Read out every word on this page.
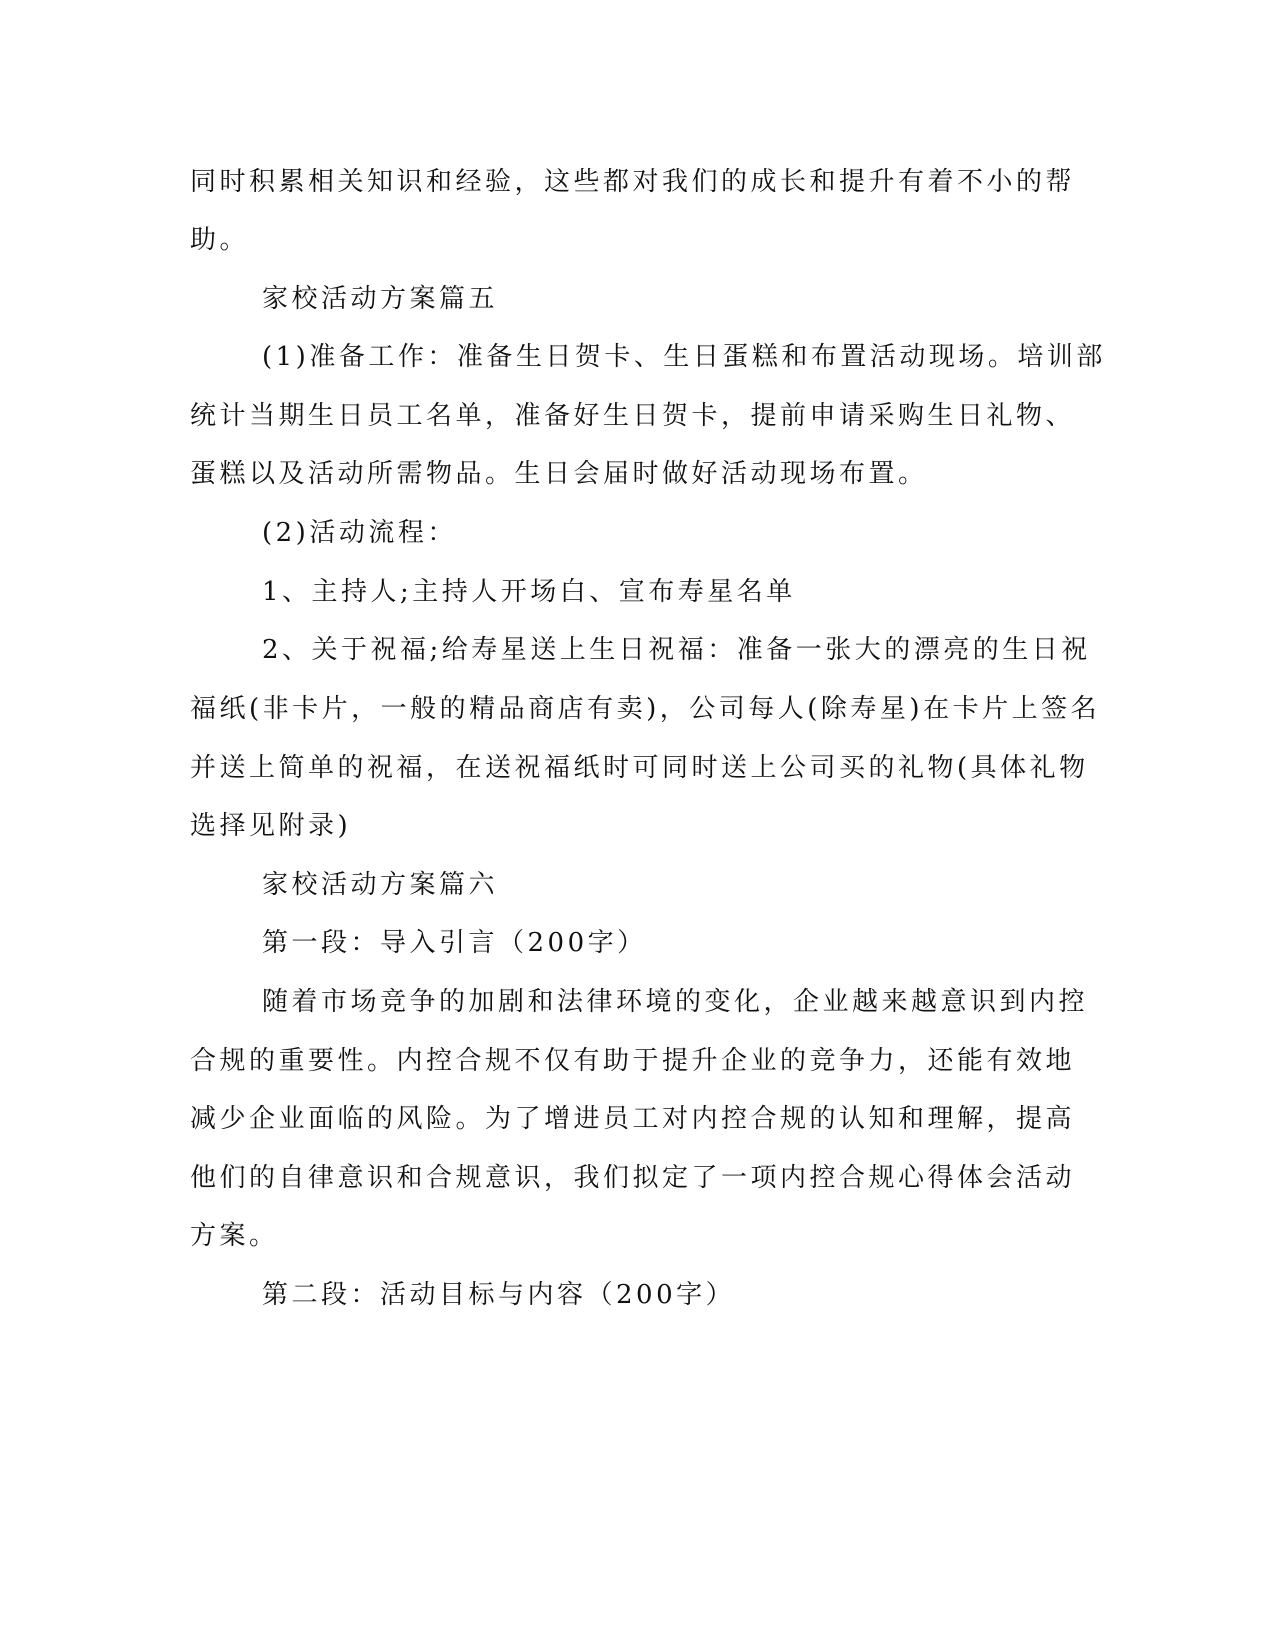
同时积累相关知识和经验，这些都对我们的成长和提升有着不小的帮
助。
家校活动方案篇五
(1)准备工作：准备生日贺卡、生日蛋糕和布置活动现场。培训部
统计当期生日员工名单，准备好生日贺卡，提前申请采购生日礼物、
蛋糕以及活动所需物品。生日会届时做好活动现场布置。
(2)活动流程：
1、主持人;主持人开场白、宣布寿星名单
2、关于祝福;给寿星送上生日祝福：准备一张大的漂亮的生日祝
福纸(非卡片，一般的精品商店有卖)，公司每人(除寿星)在卡片上签名
并送上简单的祝福，在送祝福纸时可同时送上公司买的礼物(具体礼物
选择见附录)
家校活动方案篇六
第一段：导入引言（200字）
随着市场竞争的加剧和法律环境的变化，企业越来越意识到内控
合规的重要性。内控合规不仅有助于提升企业的竞争力，还能有效地
减少企业面临的风险。为了增进员工对内控合规的认知和理解，提高
他们的自律意识和合规意识，我们拟定了一项内控合规心得体会活动
方案。
第二段：活动目标与内容（200字）
